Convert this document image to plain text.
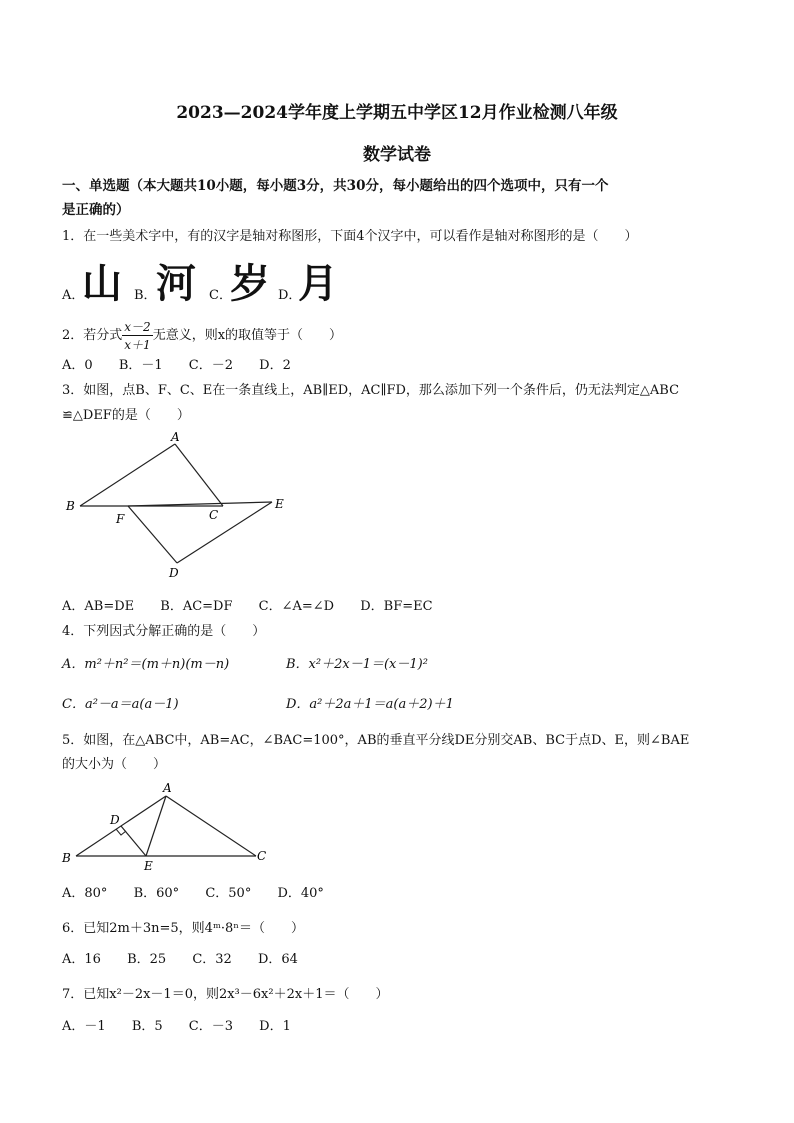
2023—2024学年度上学期五中学区12月作业检测八年级
数学试卷
一、单选题（本大题共10小题，每小题3分，共30分，每小题给出的四个选项中，只有一个
是正确的）
1．在一些美术字中，有的汉字是轴对称图形，下面4个汉字中，可以看作是轴对称图形的是（　　）
A．
山 B． 河 C．
岁 D．
月
2．若分式 $\frac{x-2}{x+1}$ 无意义，则x的取值等于（　　）
A．0 B．－1 C．－2 D．2
3．如图，点B、F、C、E在一条直线上，AB∥ED，AC∥FD，那么添加下列一个条件后，仍无法判定△ABC
≌△DEF的是（　　）
A
B
F	C
E
D
A．AB=DE B．AC=DF C．∠A=∠D D．BF=EC
4．下列因式分解正确的是（　　）
A．m²＋n²＝(m＋n)(m－n)	B．x²＋2x－1＝(x－1)²
C．a²－a＝a(a－1)	D．a²＋2a＋1＝a(a＋2)＋1
5．如图，在△ABC中，AB=AC，∠BAC=100°，AB的垂直平分线DE分别交AB、BC于点D、E，则∠BAE
的大小为（　　）
A
B
D
E
C
A．80° B．60° C．50° D．40°
6．已知2m＋3n=5，则4ᵐ·8ⁿ＝（　　）
A．16 B．25 C．32 D．64
7．已知x²－2x－1＝0，则2x³－6x²＋2x＋1＝（　　）
A．－1 B．5 C．－3 D．1
